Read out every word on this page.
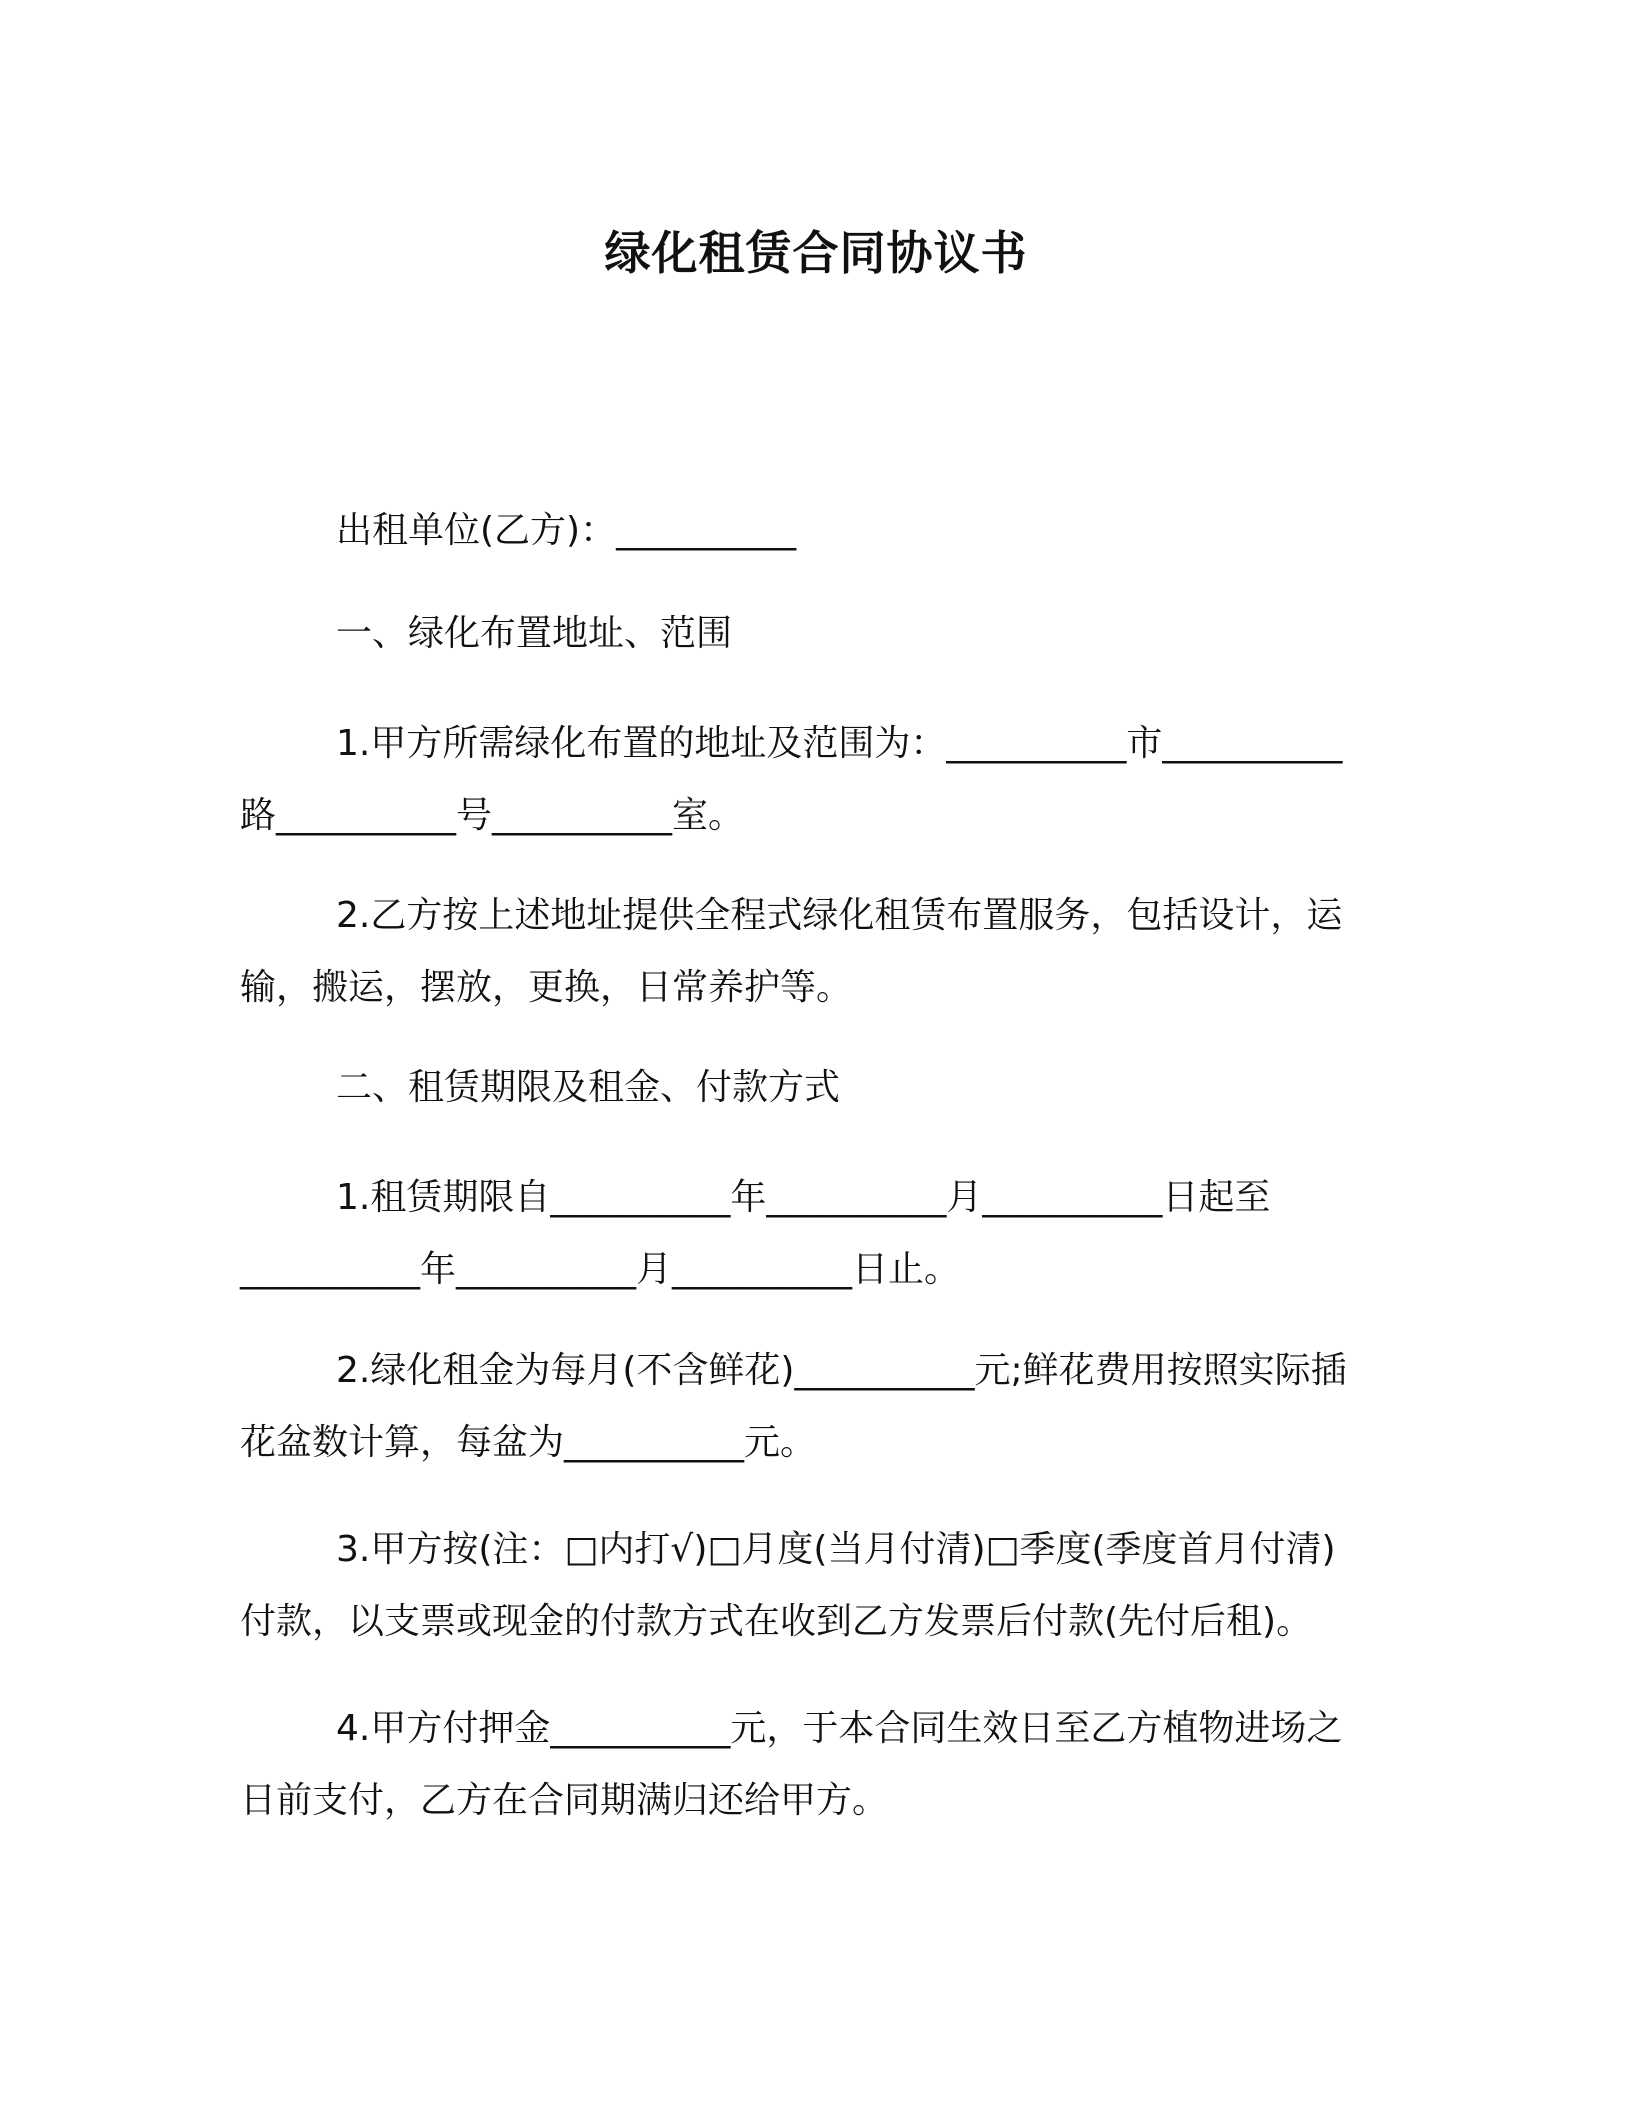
绿化租赁合同协议书
出租单位(乙方)：__________
一、绿化布置地址、范围
1.甲方所需绿化布置的地址及范围为：__________市__________
路__________号__________室。
2.乙方按上述地址提供全程式绿化租赁布置服务，包括设计，运
输，搬运，摆放，更换，日常养护等。
二、租赁期限及租金、付款方式
1.租赁期限自__________年__________月__________日起至
__________年__________月__________日止。
2.绿化租金为每月(不含鲜花)__________元;鲜花费用按照实际插
花盆数计算，每盆为__________元。
3.甲方按(注：□内打√)□月度(当月付清)□季度(季度首月付清)
付款，以支票或现金的付款方式在收到乙方发票后付款(先付后租)。
4.甲方付押金__________元，于本合同生效日至乙方植物进场之
日前支付，乙方在合同期满归还给甲方。
